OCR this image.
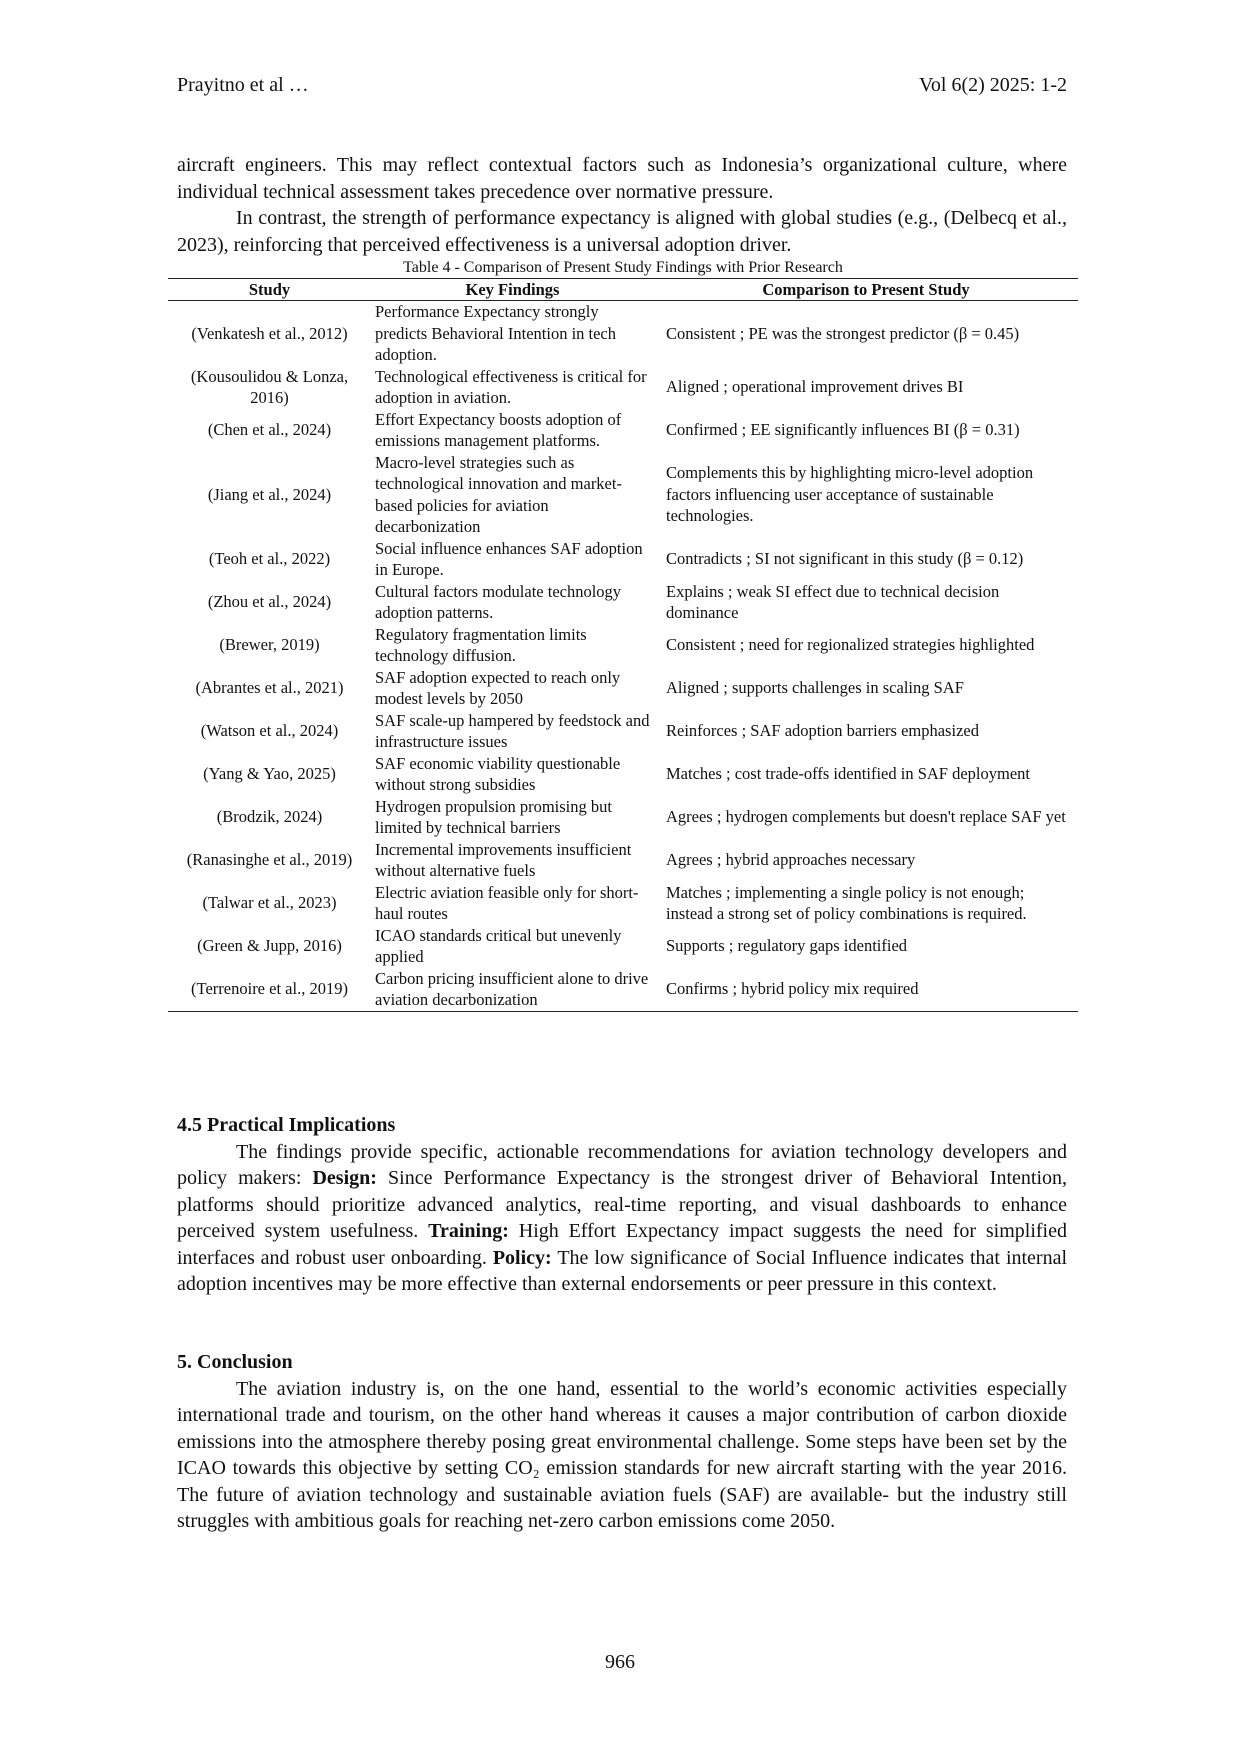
Prayitno et al …	Vol 6(2) 2025: 1-2

aircraft engineers. This may reflect contextual factors such as Indonesia’s organizational culture, where individual technical assessment takes precedence over normative pressure.

In contrast, the strength of performance expectancy is aligned with global studies (e.g., (Delbecq et al., 2023), reinforcing that perceived effectiveness is a universal adoption driver.

Table 4 - Comparison of Present Study Findings with Prior Research
Study	Key Findings	Comparison to Present Study
(Venkatesh et al., 2012)	Performance Expectancy strongly predicts Behavioral Intention in tech adoption.	Consistent ; PE was the strongest predictor (β = 0.45)
(Kousoulidou & Lonza, 2016)	Technological effectiveness is critical for adoption in aviation.	Aligned ; operational improvement drives BI
(Chen et al., 2024)	Effort Expectancy boosts adoption of emissions management platforms.	Confirmed ; EE significantly influences BI (β = 0.31)
(Jiang et al., 2024)	Macro-level strategies such as technological innovation and market-based policies for aviation decarbonization	Complements this by highlighting micro-level adoption factors influencing user acceptance of sustainable technologies.
(Teoh et al., 2022)	Social influence enhances SAF adoption in Europe.	Contradicts ; SI not significant in this study (β = 0.12)
(Zhou et al., 2024)	Cultural factors modulate technology adoption patterns.	Explains ; weak SI effect due to technical decision dominance
(Brewer, 2019)	Regulatory fragmentation limits technology diffusion.	Consistent ; need for regionalized strategies highlighted
(Abrantes et al., 2021)	SAF adoption expected to reach only modest levels by 2050	Aligned ; supports challenges in scaling SAF
(Watson et al., 2024)	SAF scale-up hampered by feedstock and infrastructure issues	Reinforces ; SAF adoption barriers emphasized
(Yang & Yao, 2025)	SAF economic viability questionable without strong subsidies	Matches ; cost trade-offs identified in SAF deployment
(Brodzik, 2024)	Hydrogen propulsion promising but limited by technical barriers	Agrees ; hydrogen complements but doesn't replace SAF yet
(Ranasinghe et al., 2019)	Incremental improvements insufficient without alternative fuels	Agrees ; hybrid approaches necessary
(Talwar et al., 2023)	Electric aviation feasible only for short-haul routes	Matches ; implementing a single policy is not enough; instead a strong set of policy combinations is required.
(Green & Jupp, 2016)	ICAO standards critical but unevenly applied	Supports ; regulatory gaps identified
(Terrenoire et al., 2019)	Carbon pricing insufficient alone to drive aviation decarbonization	Confirms ; hybrid policy mix required
4.5 Practical Implications

The findings provide specific, actionable recommendations for aviation technology developers and policy makers: Design: Since Performance Expectancy is the strongest driver of Behavioral Intention, platforms should prioritize advanced analytics, real-time reporting, and visual dashboards to enhance perceived system usefulness. Training: High Effort Expectancy impact suggests the need for simplified interfaces and robust user onboarding. Policy: The low significance of Social Influence indicates that internal adoption incentives may be more effective than external endorsements or peer pressure in this context.

5. Conclusion

The aviation industry is, on the one hand, essential to the world’s economic activities especially international trade and tourism, on the other hand whereas it causes a major contribution of carbon dioxide emissions into the atmosphere thereby posing great environmental challenge. Some steps have been set by the ICAO towards this objective by setting CO₂ emission standards for new aircraft starting with the year 2016. The future of aviation technology and sustainable aviation fuels (SAF) are available- but the industry still struggles with ambitious goals for reaching net-zero carbon emissions come 2050.

966
